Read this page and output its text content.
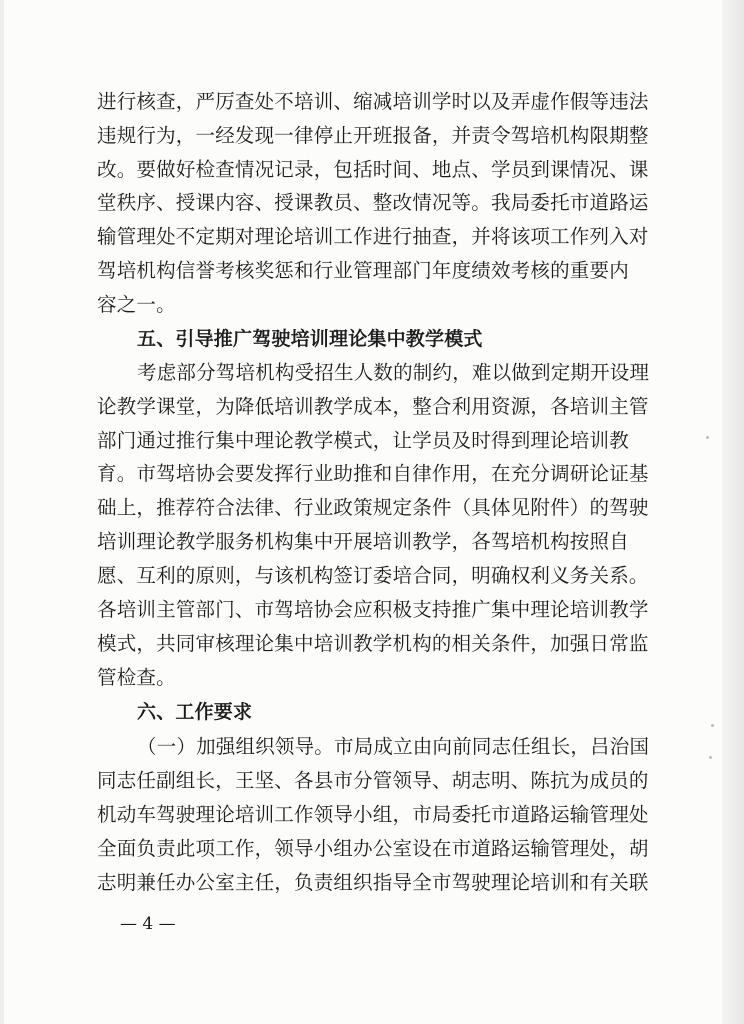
进行核查，严厉查处不培训、缩减培训学时以及弄虚作假等违法
违规行为，一经发现一律停止开班报备，并责令驾培机构限期整
改。要做好检查情况记录，包括时间、地点、学员到课情况、课
堂秩序、授课内容、授课教员、整改情况等。我局委托市道路运
输管理处不定期对理论培训工作进行抽查，并将该项工作列入对
驾培机构信誉考核奖惩和行业管理部门年度绩效考核的重要内
容之一。
五、引导推广驾驶培训理论集中教学模式
考虑部分驾培机构受招生人数的制约，难以做到定期开设理
论教学课堂，为降低培训教学成本，整合利用资源，各培训主管
部门通过推行集中理论教学模式，让学员及时得到理论培训教
育。市驾培协会要发挥行业助推和自律作用，在充分调研论证基
础上，推荐符合法律、行业政策规定条件（具体见附件）的驾驶
培训理论教学服务机构集中开展培训教学，各驾培机构按照自
愿、互利的原则，与该机构签订委培合同，明确权利义务关系。
各培训主管部门、市驾培协会应积极支持推广集中理论培训教学
模式，共同审核理论集中培训教学机构的相关条件，加强日常监
管检查。
六、工作要求
（一）加强组织领导。市局成立由向前同志任组长，吕治国
同志任副组长，王坚、各县市分管领导、胡志明、陈抗为成员的
机动车驾驶理论培训工作领导小组，市局委托市道路运输管理处
全面负责此项工作，领导小组办公室设在市道路运输管理处，胡
志明兼任办公室主任，负责组织指导全市驾驶理论培训和有关联
— 4 —
